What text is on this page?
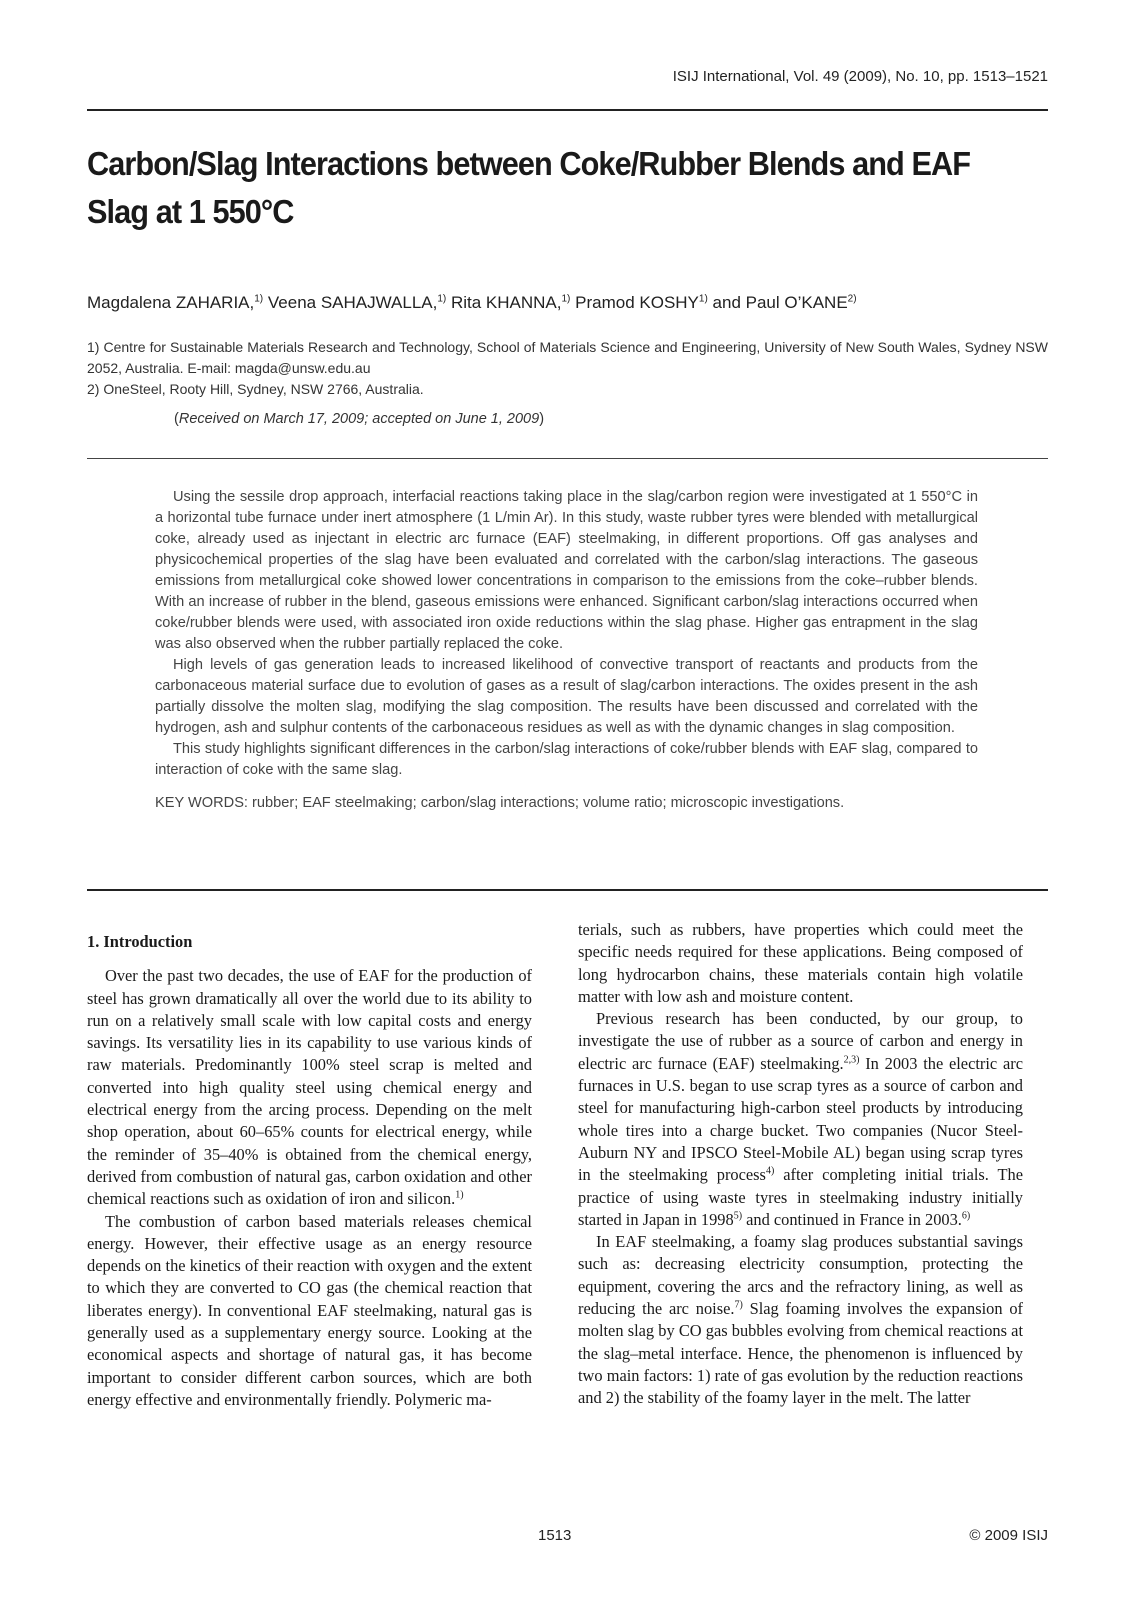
ISIJ International, Vol. 49 (2009), No. 10, pp. 1513–1521
Carbon/Slag Interactions between Coke/Rubber Blends and EAF Slag at 1 550°C
Magdalena ZAHARIA,$^{1)}$ Veena SAHAJWALLA,$^{1)}$ Rita KHANNA,$^{1)}$ Pramod KOSHY$^{1)}$ and Paul O’KANE$^{2)}$

1) Centre for Sustainable Materials Research and Technology, School of Materials Science and Engineering, University of New South Wales, Sydney NSW 2052, Australia. E-mail: magda@unsw.edu.au

2) OneSteel, Rooty Hill, Sydney, NSW 2766, Australia.

(Received on March 17, 2009; accepted on June 1, 2009)

Using the sessile drop approach, interfacial reactions taking place in the slag/carbon region were investigated at 1 550°C in a horizontal tube furnace under inert atmosphere (1 L/min Ar). In this study, waste rubber tyres were blended with metallurgical coke, already used as injectant in electric arc furnace (EAF) steelmaking, in different proportions. Off gas analyses and physicochemical properties of the slag have been evaluated and correlated with the carbon/slag interactions. The gaseous emissions from metallurgical coke showed lower concentrations in comparison to the emissions from the coke–rubber blends. With an increase of rubber in the blend, gaseous emissions were enhanced. Significant carbon/slag interactions occurred when coke/rubber blends were used, with associated iron oxide reductions within the slag phase. Higher gas entrapment in the slag was also observed when the rubber partially replaced the coke.

High levels of gas generation leads to increased likelihood of convective transport of reactants and products from the carbonaceous material surface due to evolution of gases as a result of slag/carbon interactions. The oxides present in the ash partially dissolve the molten slag, modifying the slag composition. The results have been discussed and correlated with the hydrogen, ash and sulphur contents of the carbonaceous residues as well as with the dynamic changes in slag composition.

This study highlights significant differences in the carbon/slag interactions of coke/rubber blends with EAF slag, compared to interaction of coke with the same slag.

KEY WORDS: rubber; EAF steelmaking; carbon/slag interactions; volume ratio; microscopic investigations.

1. Introduction

Over the past two decades, the use of EAF for the production of steel has grown dramatically all over the world due to its ability to run on a relatively small scale with low capital costs and energy savings. Its versatility lies in its capability to use various kinds of raw materials. Predominantly 100% steel scrap is melted and converted into high quality steel using chemical energy and electrical energy from the arcing process. Depending on the melt shop operation, about 60–65% counts for electrical energy, while the reminder of 35–40% is obtained from the chemical energy, derived from combustion of natural gas, carbon oxidation and other chemical reactions such as oxidation of iron and silicon.$^{1)}$

The combustion of carbon based materials releases chemical energy. However, their effective usage as an energy resource depends on the kinetics of their reaction with oxygen and the extent to which they are converted to CO gas (the chemical reaction that liberates energy). In conventional EAF steelmaking, natural gas is generally used as a supplementary energy source. Looking at the economical aspects and shortage of natural gas, it has become important to consider different carbon sources, which are both energy effective and environmentally friendly. Polymeric ma-

terials, such as rubbers, have properties which could meet the specific needs required for these applications. Being composed of long hydrocarbon chains, these materials contain high volatile matter with low ash and moisture content.

Previous research has been conducted, by our group, to investigate the use of rubber as a source of carbon and energy in electric arc furnace (EAF) steelmaking.$^{2,3)}$ In 2003 the electric arc furnaces in U.S. began to use scrap tyres as a source of carbon and steel for manufacturing high-carbon steel products by introducing whole tires into a charge bucket. Two companies (Nucor Steel-Auburn NY and IPSCO Steel-Mobile AL) began using scrap tyres in the steelmaking process$^{4)}$ after completing initial trials. The practice of using waste tyres in steelmaking industry initially started in Japan in 1998$^{5)}$ and continued in France in 2003.$^{6)}$

In EAF steelmaking, a foamy slag produces substantial savings such as: decreasing electricity consumption, protecting the equipment, covering the arcs and the refractory lining, as well as reducing the arc noise.$^{7)}$ Slag foaming involves the expansion of molten slag by CO gas bubbles evolving from chemical reactions at the slag–metal interface. Hence, the phenomenon is influenced by two main factors: 1) rate of gas evolution by the reduction reactions and 2) the stability of the foamy layer in the melt. The latter

1513	© 2009 ISIJ
